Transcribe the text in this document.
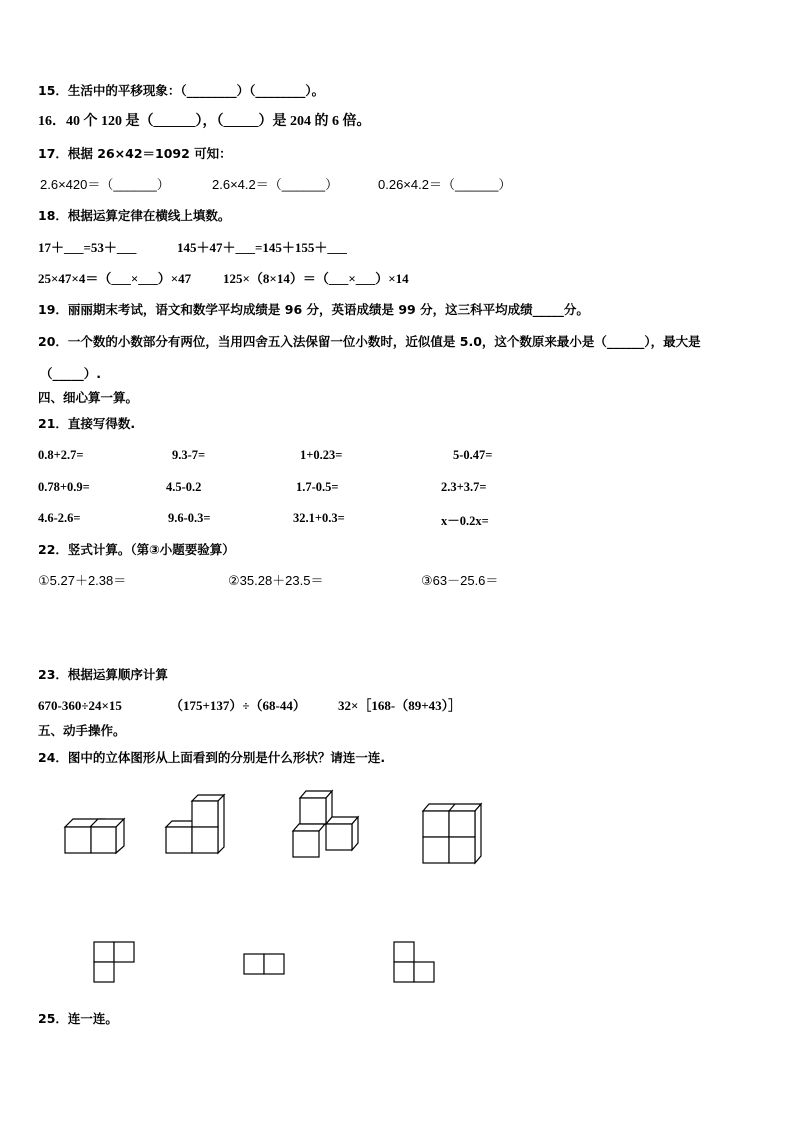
15．生活中的平移现象：（________）（________）。
16．40 个 120 是（______），（_____）是 204 的 6 倍。
17．根据 26×42＝1092 可知：
2.6×420＝（______）	2.6×4.2＝（______）	0.26×4.2＝（______）
18．根据运算定律在横线上填数。
17＋___=53＋___	145＋47＋___=145＋155＋___
25×47×4＝（___×___）×47 125×（8×14）＝（___×___）×14
19．丽丽期末考试，语文和数学平均成绩是 96 分，英语成绩是 99 分，这三科平均成绩_____分。
20．一个数的小数部分有两位，当用四舍五入法保留一位小数时，近似值是 5.0，这个数原来最小是（______），最大是
（_____）.
四、细心算一算。
21．直接写得数.
0.8+2.7=	9.3-7=	1+0.23=	5-0.47=
0.78+0.9=	4.5-0.2	1.7-0.5=	2.3+3.7=
4.6-2.6=	9.6-0.3=	32.1+0.3=	x－0.2x=
22．竖式计算。（第③小题要验算）
①5.27＋2.38＝	②35.28＋23.5＝	③63－25.6＝
23．根据运算顺序计算
670-360÷24×15	（175+137）÷（68-44） 32×［168-（89+43）］
五、动手操作。
24．图中的立体图形从上面看到的分别是什么形状？请连一连.
25．连一连。
